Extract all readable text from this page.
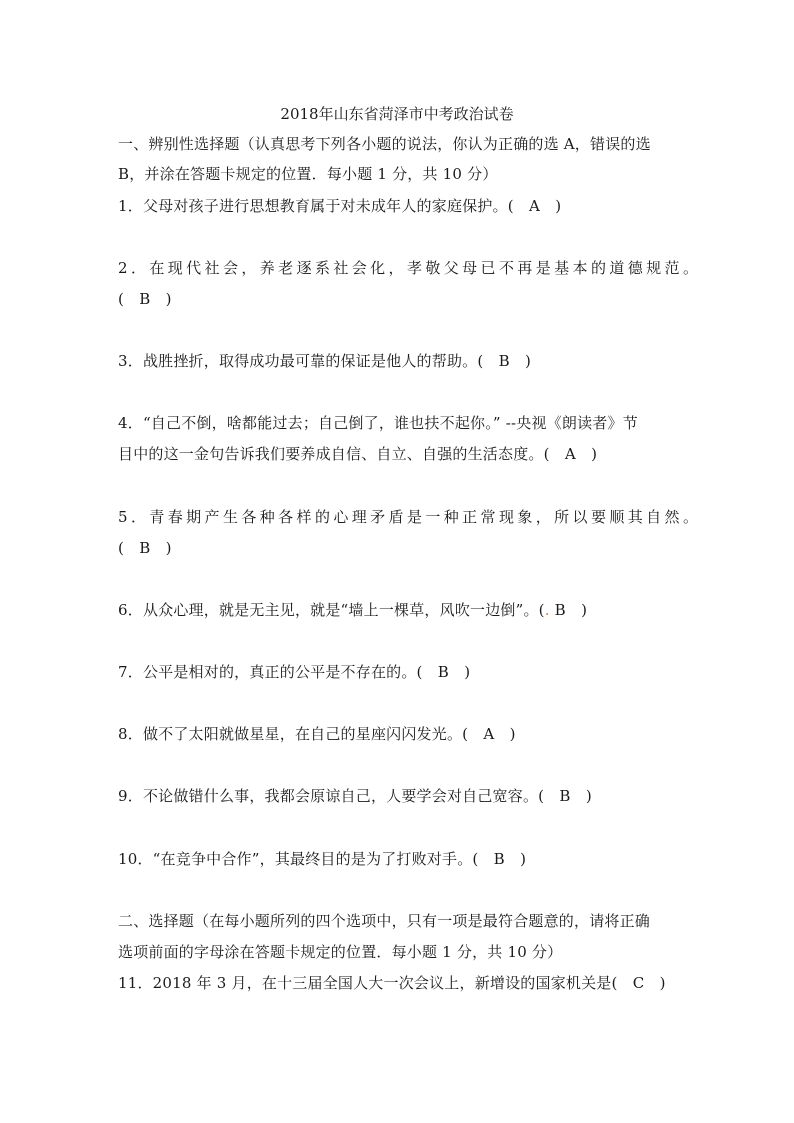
2018年山东省菏泽市中考政治试卷
一、辨别性选择题（认真思考下列各小题的说法，你认为正确的选 A，错误的选
B，并涂在答题卡规定的位置．每小题 1 分，共 10 分）
1．父母对孩子进行思想教育属于对未成年人的家庭保护。(　A　)
2．在现代社会，养老逐系社会化，孝敬父母已不再是基本的道德规范。
(　B　)
3．战胜挫折，取得成功最可靠的保证是他人的帮助。(　B　)
4．“自己不倒，啥都能过去；自己倒了，谁也扶不起你。” --央视《朗读者》节
目中的这一金句告诉我们要养成自信、自立、自强的生活态度。(　A　)
5．青春期产生各种各样的心理矛盾是一种正常现象，所以要顺其自然。
(　B　)
6．从众心理，就是无主见，就是“墙上一棵草，风吹一边倒”。(. B　)
7．公平是相对的，真正的公平是不存在的。(　B　)
8．做不了太阳就做星星，在自己的星座闪闪发光。(　A　)
9．不论做错什么事，我都会原谅自己，人要学会对自己宽容。(　B　)
10．“在竞争中合作”，其最终目的是为了打败对手。(　B　)
二、选择题（在每小题所列的四个选项中，只有一项是最符合题意的，请将正确
选项前面的字母涂在答题卡规定的位置．每小题 1 分，共 10 分）
11．2018 年 3 月，在十三届全国人大一次会议上，新增设的国家机关是(　C　)
